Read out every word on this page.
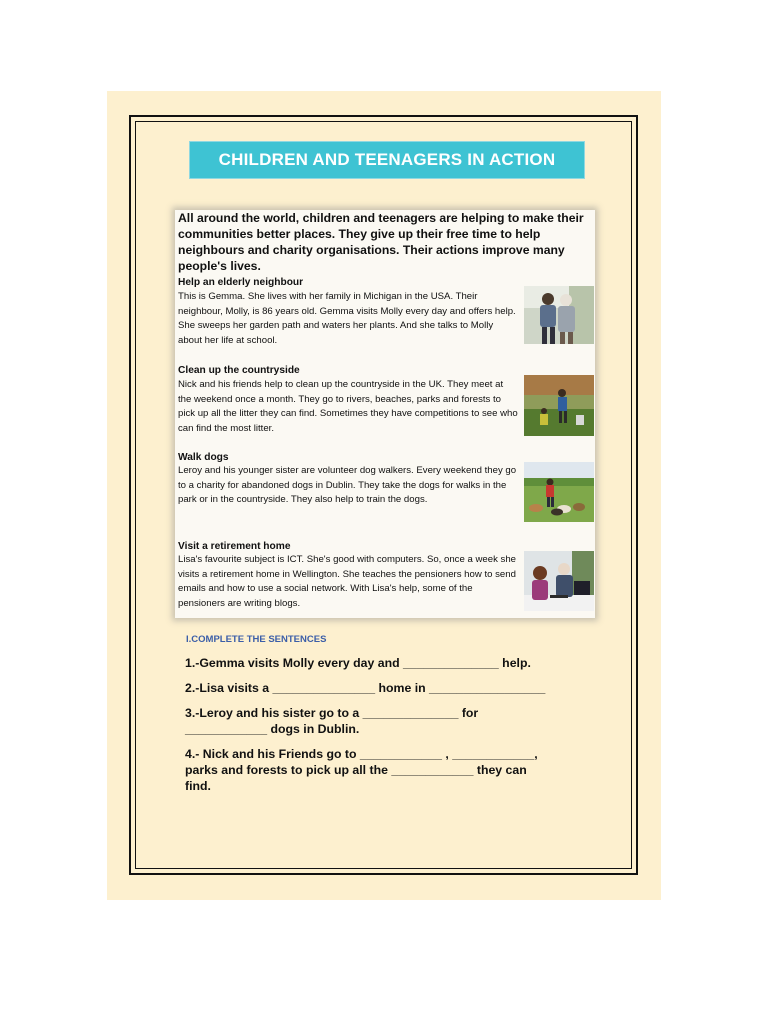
CHILDREN AND TEENAGERS IN ACTION
All around the world, children and teenagers are helping to make their communities better places. They give up their free time to help neighbours and charity organisations. Their actions improve many people's lives.
Help an elderly neighbour
This is Gemma. She lives with her family in Michigan in the USA. Their neighbour, Molly, is 86 years old. Gemma visits Molly every day and offers help. She sweeps her garden path and waters her plants. And she talks to Molly about her life at school.
Clean up the countryside
Nick and his friends help to clean up the countryside in the UK. They meet at the weekend once a month. They go to rivers, beaches, parks and forests to pick up all the litter they can find. Sometimes they have competitions to see who can find the most litter.
Walk dogs
Leroy and his younger sister are volunteer dog walkers. Every weekend they go to a charity for abandoned dogs in Dublin. They take the dogs for walks in the park or in the countryside. They also help to train the dogs.
Visit a retirement home
Lisa's favourite subject is ICT. She's good with computers. So, once a week she visits a retirement home in Wellington. She teaches the pensioners how to send emails and how to use a social network. With Lisa's help, some of the pensioners are writing blogs.
I.COMPLETE THE SENTENCES
1.-Gemma visits Molly every day and ______________ help.
2.-Lisa visits a _______________ home in _________________
3.-Leroy and his sister go to a ______________ for
____________ dogs in Dublin.
4.- Nick and his Friends go to ____________ , ____________,
parks and forests to pick up all the ____________ they can
find.
